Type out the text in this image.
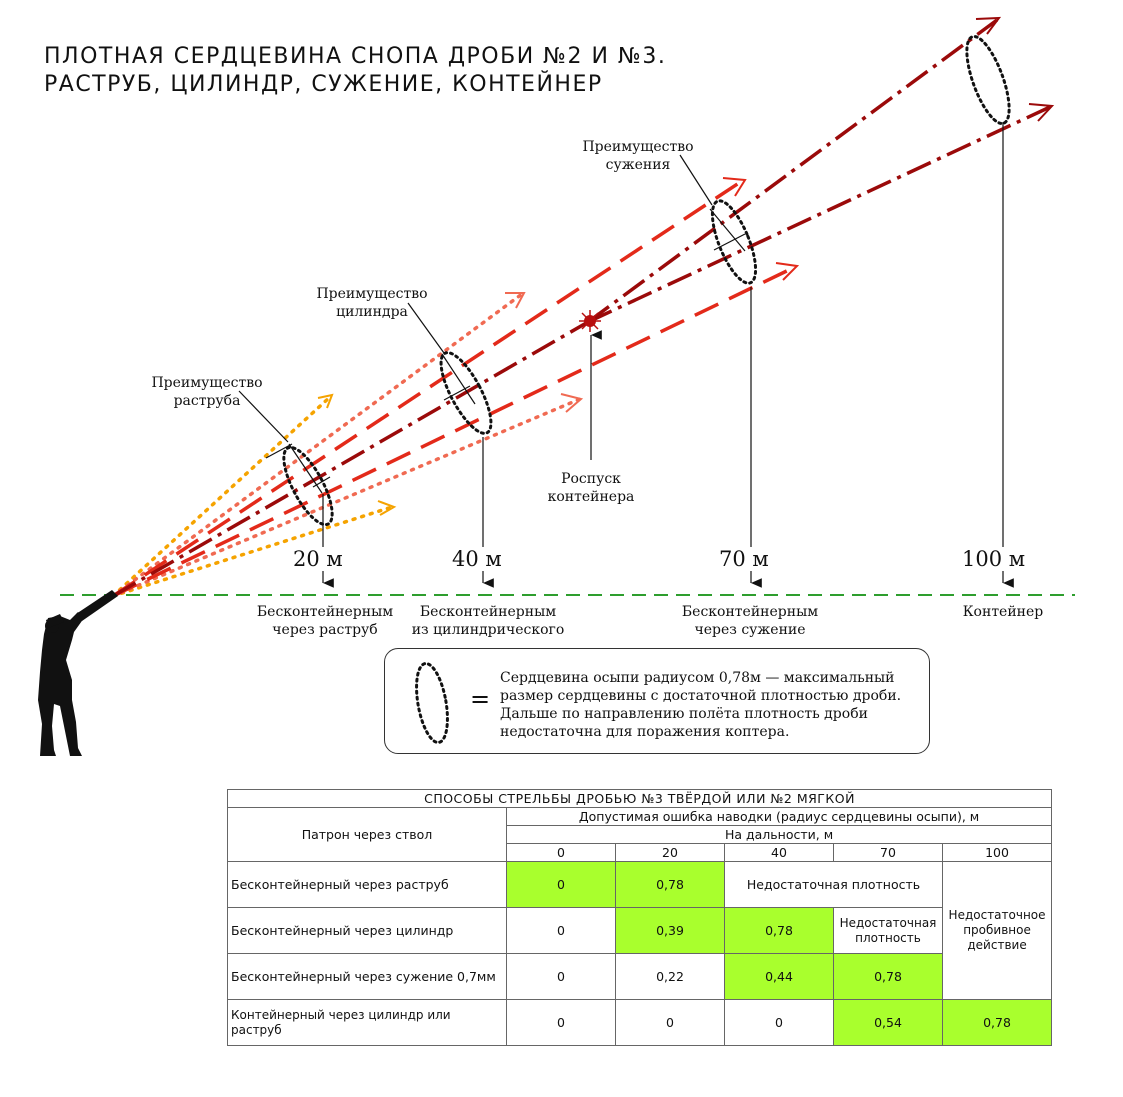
ПЛОТНАЯ СЕРДЦЕВИНА СНОПА ДРОБИ №2 И №3.
РАСТРУБ, ЦИЛИНДР, СУЖЕНИЕ, КОНТЕЙНЕР
Преимущество
раструба
Преимущество
цилиндра
Преимущество
сужения
Роспуск
контейнера
20 м	40 м	70 м	100 м
Бесконтейнерным
через раструб
Бесконтейнерным
из цилиндрического
Бесконтейнерным
через сужение
Контейнер
=
Сердцевина осыпи радиусом 0,78м — максимальный
размер сердцевины с достаточной плотностью дроби.
Дальше по направлению полёта плотность дроби
недостаточна для поражения коптера.
СПОСОБЫ СТРЕЛЬБЫ ДРОБЬЮ №3 ТВЁРДОЙ ИЛИ №2 МЯГКОЙ					
Патрон через ствол	Допустимая ошибка наводки (радиус сердцевины осыпи), м				
	На дальности, м				
	0	20	40	70	100
Бесконтейнерный через раструб	0	0,78	Недостаточная плотность		Недостаточное пробивное действие
Бесконтейнерный через цилиндр	0	0,39	0,78	Недостаточная плотность	
Бесконтейнерный через сужение 0,7мм	0	0,22	0,44	0,78	
Контейнерный через цилиндр или раструб	0	0	0	0,54	0,78
